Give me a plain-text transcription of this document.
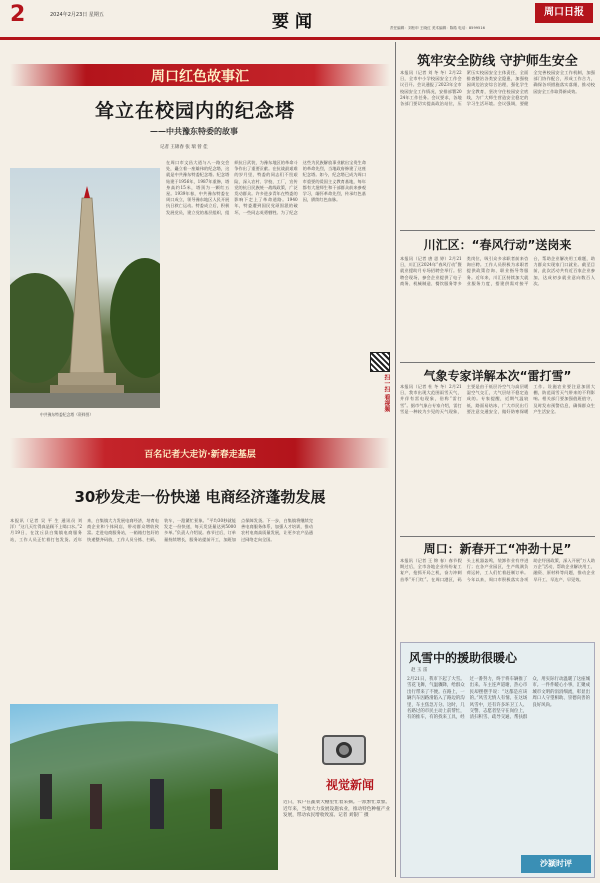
2	2024年2月23日 星期五	要闻	责任编辑：刘松申 王晓红 美术编辑：陈皓 电话：8599516
周口日报
周口红色故事汇
耸立在校园内的纪念塔
——中共豫东特委的故事
记者 王锦春 张 瑞 曾 佳
中共豫东特委纪念塔（资料图）
在周口市文昌大道与八一路交会处，矗立着一座雄伟的纪念塔，这就是中共豫东特委纪念塔。纪念塔始建于1956年，1987年重修，塔身高约15米，塔顶为一颗红五星。1939年春，中共豫东特委在周口成立，领导豫东地区人民开展抗日救亡运动。特委成立后，积极发展党员，建立党的基层组织，组织抗日武装，为豫东地区的革命斗争作出了重要贡献。在抗战最艰难的岁月里，特委的同志们不畏艰险，深入农村、学校、工厂，宣传党的抗日民族统一战线政策，广泛发动群众。许多进步青年在特委的影响下走上了革命道路。1940年，特委遭到国民党顽固派的破坏，一些同志英勇牺牲。为了纪念这些为民族解放事业献出宝贵生命的革命先烈，当地政府修建了这座纪念塔。如今，纪念塔已成为周口市重要的爱国主义教育基地，每年都有大批师生和干部群众前来参观学习，缅怀革命先烈，传承红色基因，赓续红色血脉。
扫一扫 看视频
百名记者大走访·新春走基层
30秒发走一份快递 电商经济蓬勃发展
本报讯（记者 吴 平 生 通讯员 刘 洋）“这几天忙得真是顾不上喝口水。”2月19日，在沈丘县白集镇电商服务站，工作人员正忙着打包发货。近年来，白集镇大力发展电商经济，培育电商企业和个体网店，带动群众增收致富。走进电商服务站，一箱箱打包好的快递整齐码放，工作人员分拣、扫码、装车，一派繁忙景象。“平均30秒就能发走一份快递，每天发货量达到5000多单。”负责人介绍说。春节过后，订单量持续增长，服务站提前开工，加班加点保障发货。下一步，白集镇将继续完善电商服务体系，加强人才培训，推动农村电商高质量发展，让更多农产品通过网络走向全国。
视觉新闻
近日，农户在蔬菜大棚里忙着采摘。一派繁忙景象。近年来，当地大力发展设施农业，推动特色种植产业发展，带动农民增收致富。记者 刘银厂 摄
筑牢安全防线 守护师生安全
本报讯（记者 刘 冬 冬）2月22日，全市中小学校园安全工作会议召开。会议通报了2023年全市校园安全工作情况，安排部署2024年工作任务。会议要求，各地各部门要切实提高政治站位，压紧压实校园安全主体责任，全面排查整治各类安全隐患，加强校园周边治安综合治理，强化学生安全教育，坚决守住校园安全底线，为广大师生营造安全稳定的学习生活环境。会议强调，要健全完善校园安全工作机制，加强部门协作配合，形成工作合力，确保各项措施落实落细，推动校园安全工作取得新成效。
川汇区：“春风行动”送岗来
本报讯（记者 唐 思 婷）2月21日，川汇区2024年“春风行动”暨就业援助月专场招聘会举行。招聘会现场，参会企业提供了电子商务、机械制造、餐饮服务等多类岗位，吸引众多求职者前来咨询应聘。工作人员积极为求职者提供政策咨询、职业指导等服务。近年来，川汇区持续加大就业服务力度，搭建供需对接平台，帮助企业解决用工难题，助力群众实现家门口就业。截至目前，此次活动共有近百家企业参加，达成初步就业意向数百人次。
气象专家详解本次“雷打雪”
本报讯（记者 杜 冬 冬）2月21日，我市出现大范围雨雪天气，并伴有雷电现象，俗称“雷打雪”。据市气象台专家介绍，雷打雪是一种较为少见的天气现象，主要是由于低层冷空气与高层暖湿空气交汇，大气层结不稳定造成的。专家提醒，近期气温较低，路面易结冰，广大市民出行要注意交通安全，做好防寒保暖工作。设施农业要注意加固大棚，防范雨雪天气带来的不利影响。相关部门要加强值班值守，及时发布预警信息，确保群众生产生活安全。
周口：新春开工“冲劲十足”
本报讯（记者 王 锦 春）春节假期过后，全市各地企业纷纷复工复产，抢抓开局之机，奋力冲刺首季“开门红”。在周口港区，码头上机器轰鸣，装卸作业有序进行；在各产业园区，生产线满负荷运转，工人们忙着赶制订单。今年以来，周口市积极落实各项助企纾困政策，深入开展“万人助万企”活动，帮助企业解决用工、融资、原材料等问题，推动企业早开工、早达产、早见效。
风雪中的援助很暖心
赵 玉 雷
2月21日，我市下起了大雪。雪花飞舞，气温骤降，给群众出行带来了不便。在路上，一辆汽车因路滑陷入了路边的沟里，车主焦急万分。这时，几名路过的市民主动上前帮忙，有的推车，有的找来工具，经过一番努力，终于将车辆推了出来。车主连声道谢，热心市民却摆摆手说：“这都是应该的。”风雪无情人有情。在这场风雪中，还有许多环卫工人、交警、志愿者坚守在岗位上，清扫积雪、疏导交通、帮扶群众，用实际行动温暖了这座城市。一件件暖心小事，汇聚成城市文明的涓涓细流，彰显出周口人守望相助、崇德向善的良好风尚。
沙颍时评
